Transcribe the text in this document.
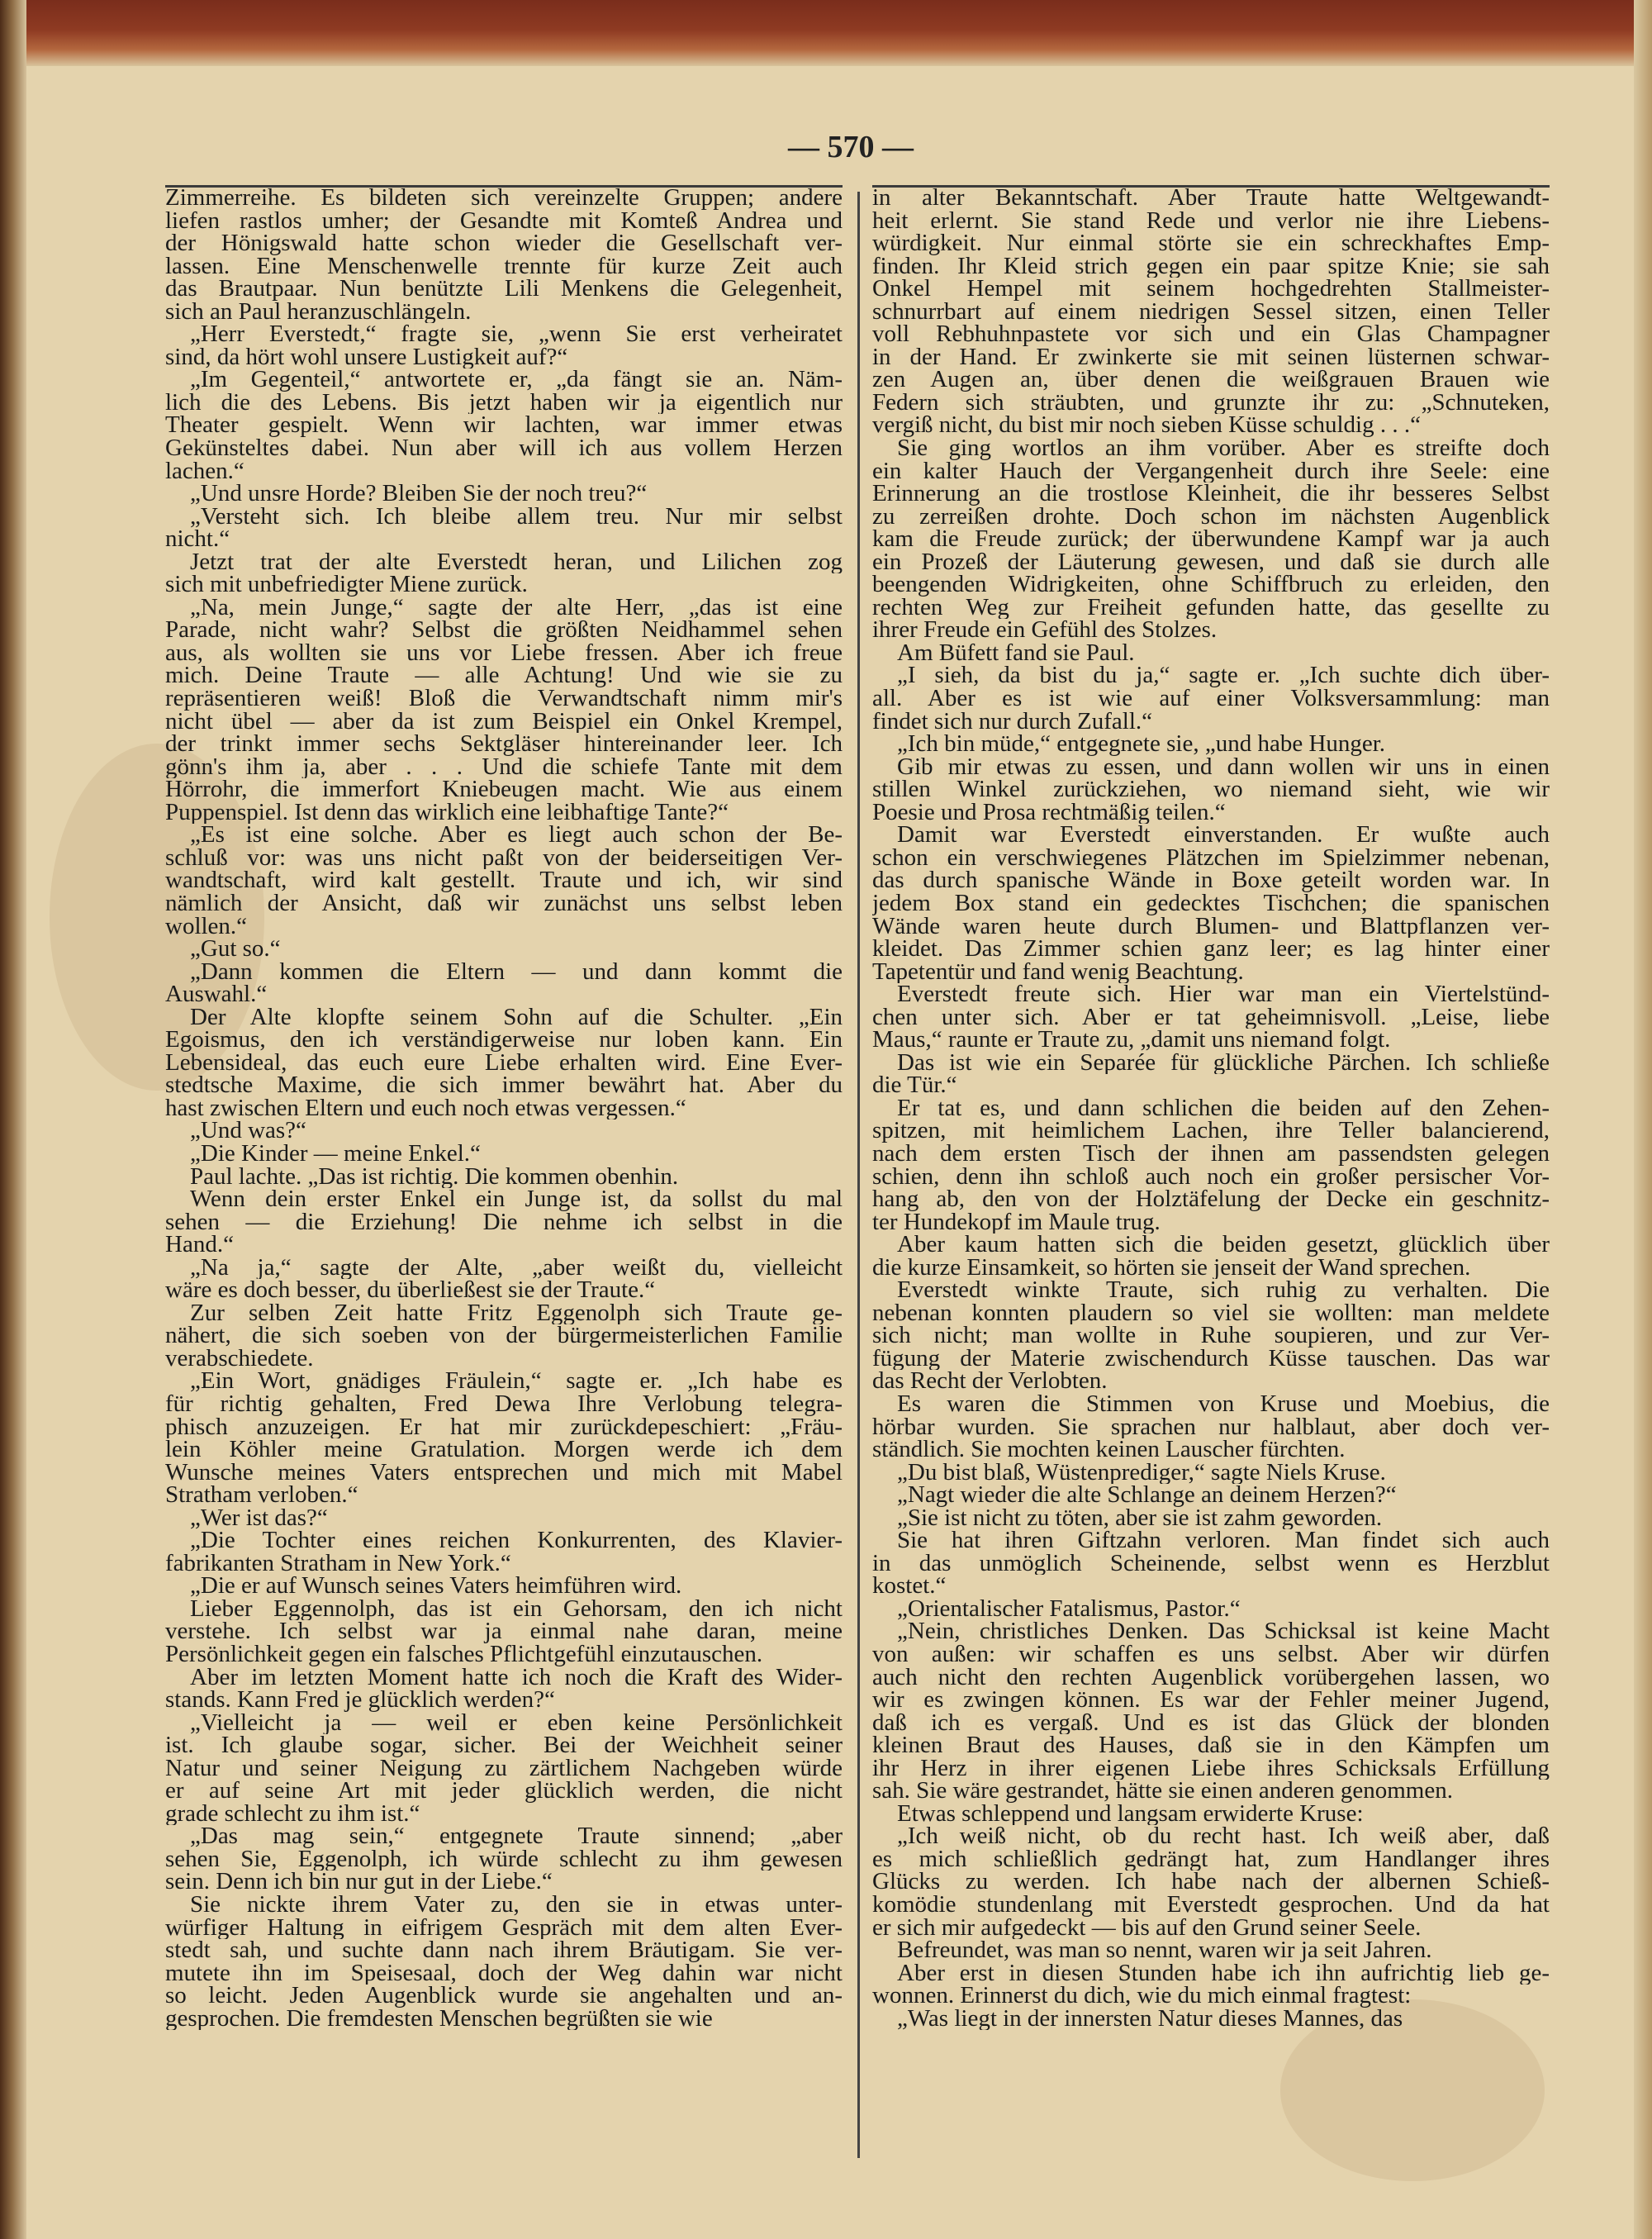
— 570 —
Zimmerreihe. Es bildeten sich vereinzelte Gruppen; andere
liefen rastlos umher; der Gesandte mit Komteß Andrea und
der Hönigswald hatte schon wieder die Gesellschaft ver-
lassen. Eine Menschenwelle trennte für kurze Zeit auch
das Brautpaar. Nun benützte Lili Menkens die Gelegenheit,
sich an Paul heranzuschlängeln.
„Herr Everstedt,“ fragte sie, „wenn Sie erst verheiratet
sind, da hört wohl unsere Lustigkeit auf?“
„Im Gegenteil,“ antwortete er, „da fängt sie an. Näm-
lich die des Lebens. Bis jetzt haben wir ja eigentlich nur
Theater gespielt. Wenn wir lachten, war immer etwas
Gekünsteltes dabei. Nun aber will ich aus vollem Herzen
lachen.“
„Und unsre Horde? Bleiben Sie der noch treu?“
„Versteht sich. Ich bleibe allem treu. Nur mir selbst
nicht.“
Jetzt trat der alte Everstedt heran, und Lilichen zog
sich mit unbefriedigter Miene zurück.
„Na, mein Junge,“ sagte der alte Herr, „das ist eine
Parade, nicht wahr? Selbst die größten Neidhammel sehen
aus, als wollten sie uns vor Liebe fressen. Aber ich freue
mich. Deine Traute — alle Achtung! Und wie sie zu
repräsentieren weiß! Bloß die Verwandtschaft nimm mir's
nicht übel — aber da ist zum Beispiel ein Onkel Krempel,
der trinkt immer sechs Sektgläser hintereinander leer. Ich
gönn's ihm ja, aber . . . Und die schiefe Tante mit dem
Hörrohr, die immerfort Kniebeugen macht. Wie aus einem
Puppenspiel. Ist denn das wirklich eine leibhaftige Tante?“
„Es ist eine solche. Aber es liegt auch schon der Be-
schluß vor: was uns nicht paßt von der beiderseitigen Ver-
wandtschaft, wird kalt gestellt. Traute und ich, wir sind
nämlich der Ansicht, daß wir zunächst uns selbst leben
wollen.“
„Gut so.“
„Dann kommen die Eltern — und dann kommt die
Auswahl.“
Der Alte klopfte seinem Sohn auf die Schulter. „Ein
Egoismus, den ich verständigerweise nur loben kann. Ein
Lebensideal, das euch eure Liebe erhalten wird. Eine Ever-
stedtsche Maxime, die sich immer bewährt hat. Aber du
hast zwischen Eltern und euch noch etwas vergessen.“
„Und was?“
„Die Kinder — meine Enkel.“
Paul lachte. „Das ist richtig. Die kommen obenhin.
Wenn dein erster Enkel ein Junge ist, da sollst du mal
sehen — die Erziehung! Die nehme ich selbst in die
Hand.“
„Na ja,“ sagte der Alte, „aber weißt du, vielleicht
wäre es doch besser, du überließest sie der Traute.“
Zur selben Zeit hatte Fritz Eggenolph sich Traute ge-
nähert, die sich soeben von der bürgermeisterlichen Familie
verabschiedete.
„Ein Wort, gnädiges Fräulein,“ sagte er. „Ich habe es
für richtig gehalten, Fred Dewa Ihre Verlobung telegra-
phisch anzuzeigen. Er hat mir zurückdepeschiert: „Fräu-
lein Köhler meine Gratulation. Morgen werde ich dem
Wunsche meines Vaters entsprechen und mich mit Mabel
Stratham verloben.“
„Wer ist das?“
„Die Tochter eines reichen Konkurrenten, des Klavier-
fabrikanten Stratham in New York.“
„Die er auf Wunsch seines Vaters heimführen wird.
Lieber Eggennolph, das ist ein Gehorsam, den ich nicht
verstehe. Ich selbst war ja einmal nahe daran, meine
Persönlichkeit gegen ein falsches Pflichtgefühl einzutauschen.
Aber im letzten Moment hatte ich noch die Kraft des Wider-
stands. Kann Fred je glücklich werden?“
„Vielleicht ja — weil er eben keine Persönlichkeit
ist. Ich glaube sogar, sicher. Bei der Weichheit seiner
Natur und seiner Neigung zu zärtlichem Nachgeben würde
er auf seine Art mit jeder glücklich werden, die nicht
grade schlecht zu ihm ist.“
„Das mag sein,“ entgegnete Traute sinnend; „aber
sehen Sie, Eggenolph, ich würde schlecht zu ihm gewesen
sein. Denn ich bin nur gut in der Liebe.“
Sie nickte ihrem Vater zu, den sie in etwas unter-
würfiger Haltung in eifrigem Gespräch mit dem alten Ever-
stedt sah, und suchte dann nach ihrem Bräutigam. Sie ver-
mutete ihn im Speisesaal, doch der Weg dahin war nicht
so leicht. Jeden Augenblick wurde sie angehalten und an-
gesprochen. Die fremdesten Menschen begrüßten sie wie
in alter Bekanntschaft. Aber Traute hatte Weltgewandt-
heit erlernt. Sie stand Rede und verlor nie ihre Liebens-
würdigkeit. Nur einmal störte sie ein schreckhaftes Emp-
finden. Ihr Kleid strich gegen ein paar spitze Knie; sie sah
Onkel Hempel mit seinem hochgedrehten Stallmeister-
schnurrbart auf einem niedrigen Sessel sitzen, einen Teller
voll Rebhuhnpastete vor sich und ein Glas Champagner
in der Hand. Er zwinkerte sie mit seinen lüsternen schwar-
zen Augen an, über denen die weißgrauen Brauen wie
Federn sich sträubten, und grunzte ihr zu: „Schnuteken,
vergiß nicht, du bist mir noch sieben Küsse schuldig . . .“
Sie ging wortlos an ihm vorüber. Aber es streifte doch
ein kalter Hauch der Vergangenheit durch ihre Seele: eine
Erinnerung an die trostlose Kleinheit, die ihr besseres Selbst
zu zerreißen drohte. Doch schon im nächsten Augenblick
kam die Freude zurück; der überwundene Kampf war ja auch
ein Prozeß der Läuterung gewesen, und daß sie durch alle
beengenden Widrigkeiten, ohne Schiffbruch zu erleiden, den
rechten Weg zur Freiheit gefunden hatte, das gesellte zu
ihrer Freude ein Gefühl des Stolzes.
Am Büfett fand sie Paul.
„I sieh, da bist du ja,“ sagte er. „Ich suchte dich über-
all. Aber es ist wie auf einer Volksversammlung: man
findet sich nur durch Zufall.“
„Ich bin müde,“ entgegnete sie, „und habe Hunger.
Gib mir etwas zu essen, und dann wollen wir uns in einen
stillen Winkel zurückziehen, wo niemand sieht, wie wir
Poesie und Prosa rechtmäßig teilen.“
Damit war Everstedt einverstanden. Er wußte auch
schon ein verschwiegenes Plätzchen im Spielzimmer nebenan,
das durch spanische Wände in Boxe geteilt worden war. In
jedem Box stand ein gedecktes Tischchen; die spanischen
Wände waren heute durch Blumen- und Blattpflanzen ver-
kleidet. Das Zimmer schien ganz leer; es lag hinter einer
Tapetentür und fand wenig Beachtung.
Everstedt freute sich. Hier war man ein Viertelstünd-
chen unter sich. Aber er tat geheimnisvoll. „Leise, liebe
Maus,“ raunte er Traute zu, „damit uns niemand folgt.
Das ist wie ein Separée für glückliche Pärchen. Ich schließe
die Tür.“
Er tat es, und dann schlichen die beiden auf den Zehen-
spitzen, mit heimlichem Lachen, ihre Teller balancierend,
nach dem ersten Tisch der ihnen am passendsten gelegen
schien, denn ihn schloß auch noch ein großer persischer Vor-
hang ab, den von der Holztäfelung der Decke ein geschnitz-
ter Hundekopf im Maule trug.
Aber kaum hatten sich die beiden gesetzt, glücklich über
die kurze Einsamkeit, so hörten sie jenseit der Wand sprechen.
Everstedt winkte Traute, sich ruhig zu verhalten. Die
nebenan konnten plaudern so viel sie wollten: man meldete
sich nicht; man wollte in Ruhe soupieren, und zur Ver-
fügung der Materie zwischendurch Küsse tauschen. Das war
das Recht der Verlobten.
Es waren die Stimmen von Kruse und Moebius, die
hörbar wurden. Sie sprachen nur halblaut, aber doch ver-
ständlich. Sie mochten keinen Lauscher fürchten.
„Du bist blaß, Wüstenprediger,“ sagte Niels Kruse.
„Nagt wieder die alte Schlange an deinem Herzen?“
„Sie ist nicht zu töten, aber sie ist zahm geworden.
Sie hat ihren Giftzahn verloren. Man findet sich auch
in das unmöglich Scheinende, selbst wenn es Herzblut
kostet.“
„Orientalischer Fatalismus, Pastor.“
„Nein, christliches Denken. Das Schicksal ist keine Macht
von außen: wir schaffen es uns selbst. Aber wir dürfen
auch nicht den rechten Augenblick vorübergehen lassen, wo
wir es zwingen können. Es war der Fehler meiner Jugend,
daß ich es vergaß. Und es ist das Glück der blonden
kleinen Braut des Hauses, daß sie in den Kämpfen um
ihr Herz in ihrer eigenen Liebe ihres Schicksals Erfüllung
sah. Sie wäre gestrandet, hätte sie einen anderen genommen.
Etwas schleppend und langsam erwiderte Kruse:
„Ich weiß nicht, ob du recht hast. Ich weiß aber, daß
es mich schließlich gedrängt hat, zum Handlanger ihres
Glücks zu werden. Ich habe nach der albernen Schieß-
komödie stundenlang mit Everstedt gesprochen. Und da hat
er sich mir aufgedeckt — bis auf den Grund seiner Seele.
Befreundet, was man so nennt, waren wir ja seit Jahren.
Aber erst in diesen Stunden habe ich ihn aufrichtig lieb ge-
wonnen. Erinnerst du dich, wie du mich einmal fragtest:
„Was liegt in der innersten Natur dieses Mannes, das
